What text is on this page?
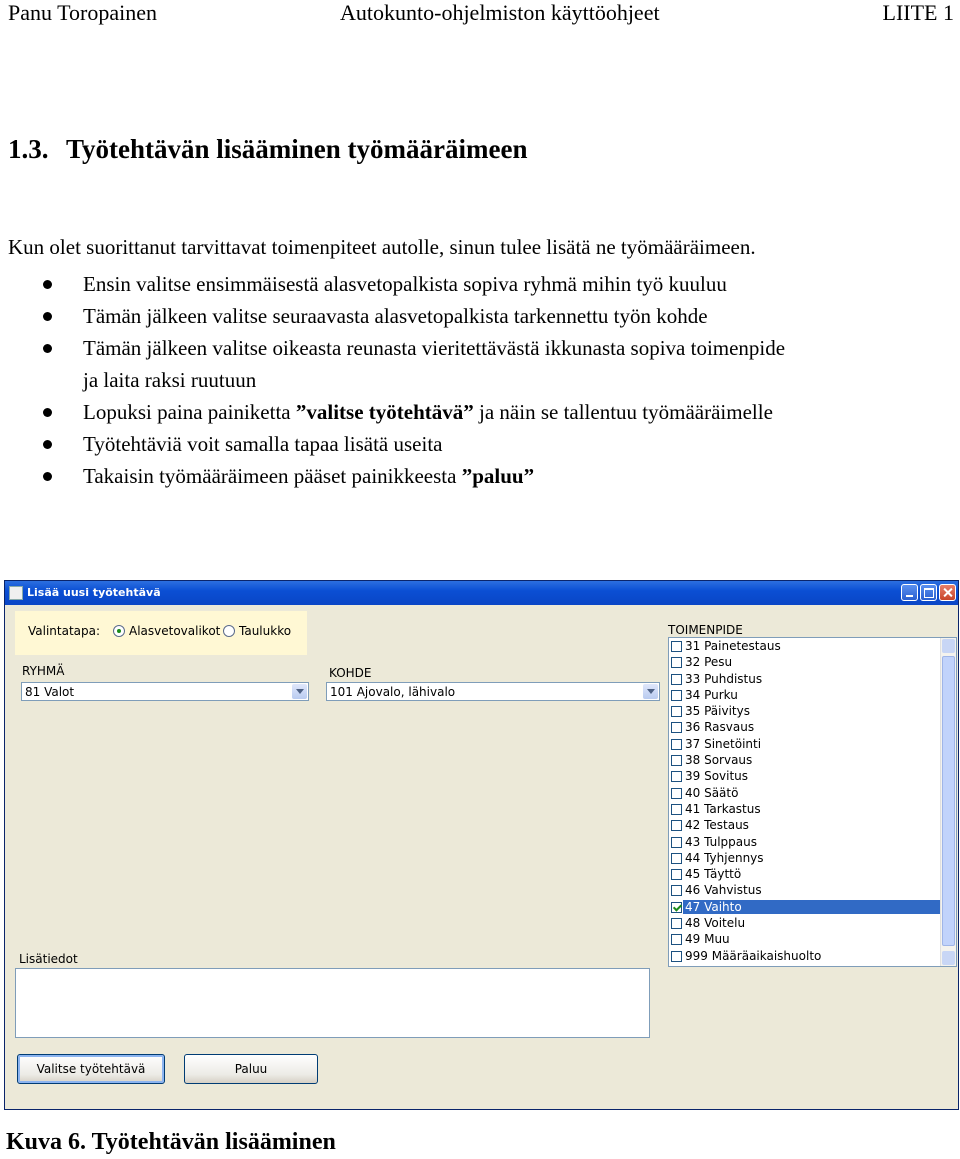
Panu Toropainen	Autokunto-ohjelmiston käyttöohjeet	LIITE 1
1.3. Työtehtävän lisääminen työmääräimeen
Kun olet suorittanut tarvittavat toimenpiteet autolle, sinun tulee lisätä ne työmääräimeen.
Ensin valitse ensimmäisestä alasvetopalkista sopiva ryhmä mihin työ kuuluu
Tämän jälkeen valitse seuraavasta alasvetopalkista tarkennettu työn kohde
Tämän jälkeen valitse oikeasta reunasta vieritettävästä ikkunasta sopiva toimenpide
ja laita raksi ruutuun
Lopuksi paina painiketta ”valitse työtehtävä” ja näin se tallentuu työmääräimelle
Työtehtäviä voit samalla tapaa lisätä useita
Takaisin työmääräimeen pääset painikkeesta ”paluu”
Lisää uusi työtehtävä
Valintatapa: Alasvetovalikot Taulukko
RYHMÄ
81 Valot
KOHDE
101 Ajovalo, lähivalo
TOIMENPIDE
31 Painetestaus
32 Pesu
33 Puhdistus
34 Purku
35 Päivitys
36 Rasvaus
37 Sinetöinti
38 Sorvaus
39 Sovitus
40 Säätö
41 Tarkastus
42 Testaus
43 Tulppaus
44 Tyhjennys
45 Täyttö
46 Vahvistus
47 Vaihto
48 Voitelu
49 Muu
999 Määräaikaishuolto
Lisätiedot
Valitse työtehtävä	Paluu
Kuva 6. Työtehtävän lisääminen
